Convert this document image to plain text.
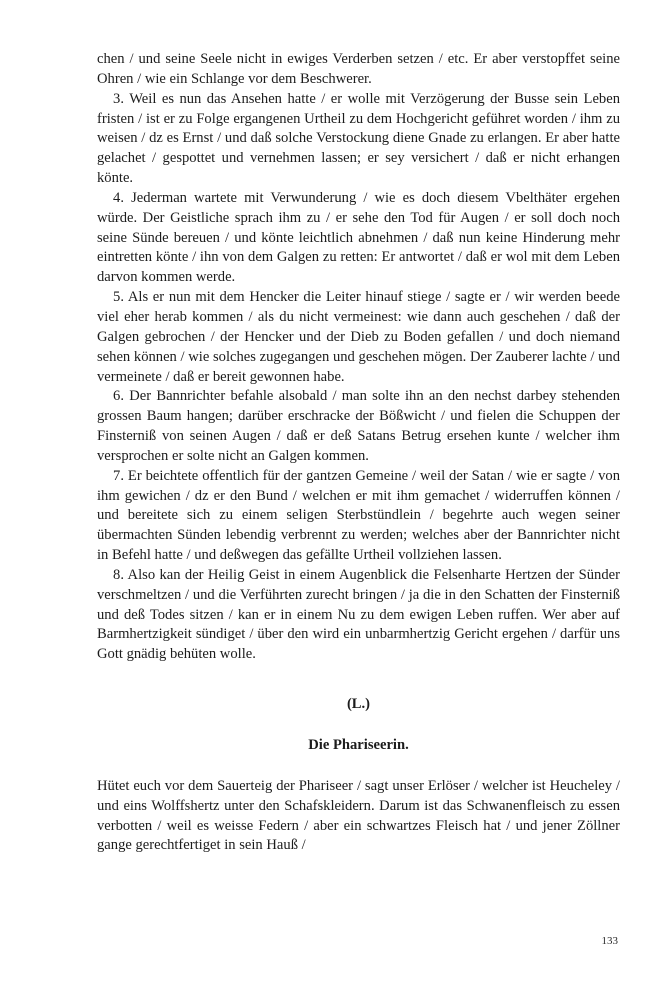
chen / und seine Seele nicht in ewiges Verderben setzen / etc. Er aber verstopffet seine Ohren / wie ein Schlange vor dem Beschwerer.

3. Weil es nun das Ansehen hatte / er wolle mit Verzögerung der Busse sein Leben fristen / ist er zu Folge ergangenen Urtheil zu dem Hochgericht geführet worden / ihm zu weisen / dz es Ernst / und daß solche Verstockung diene Gnade zu erlangen. Er aber hatte gelachet / gespottet und vernehmen lassen; er sey versichert / daß er nicht erhangen könte.

4. Jederman wartete mit Verwunderung / wie es doch diesem Vbelthäter ergehen würde. Der Geistliche sprach ihm zu / er sehe den Tod für Augen / er soll doch noch seine Sünde bereuen / und könte leichtlich abnehmen / daß nun keine Hinderung mehr eintretten könte / ihn von dem Galgen zu retten: Er antwortet / daß er wol mit dem Leben darvon kommen werde.

5. Als er nun mit dem Hencker die Leiter hinauf stiege / sagte er / wir werden beede viel eher herab kommen / als du nicht vermeinest: wie dann auch geschehen / daß der Galgen gebrochen / der Hencker und der Dieb zu Boden gefallen / und doch niemand sehen können / wie solches zugegangen und geschehen mögen. Der Zauberer lachte / und vermeinete / daß er bereit gewonnen habe.

6. Der Bannrichter befahle alsobald / man solte ihn an den nechst darbey stehenden grossen Baum hangen; darüber erschracke der Bößwicht / und fielen die Schuppen der Finsterniß von seinen Augen / daß er deß Satans Betrug ersehen kunte / welcher ihm versprochen er solte nicht an Galgen kommen.

7. Er beichtete offentlich für der gantzen Gemeine / weil der Satan / wie er sagte / von ihm gewichen / dz er den Bund / welchen er mit ihm gemachet / widerruffen können / und bereitete sich zu einem seligen Sterbstündlein / begehrte auch wegen seiner übermachten Sünden lebendig verbrennt zu werden; welches aber der Bannrichter nicht in Befehl hatte / und deßwegen das gefällte Urtheil vollziehen lassen.

8. Also kan der Heilig Geist in einem Augenblick die Felsenharte Hertzen der Sünder verschmeltzen / und die Verführten zurecht bringen / ja die in den Schatten der Finsterniß und deß Todes sitzen / kan er in einem Nu zu dem ewigen Leben ruffen. Wer aber auf Barmhertzigkeit sündiget / über den wird ein unbarmhertzig Gericht ergehen / darfür uns Gott gnädig behüten wolle.

(L.)
Die Phariseerin.

Hütet euch vor dem Sauerteig der Phariseer / sagt unser Erlöser / welcher ist Heucheley / und eins Wolffshertz unter den Schafskleidern. Darum ist das Schwanenfleisch zu essen verbotten / weil es weisse Federn / aber ein schwartzes Fleisch hat / und jener Zöllner gange gerechtfertiget in sein Hauß /

133
